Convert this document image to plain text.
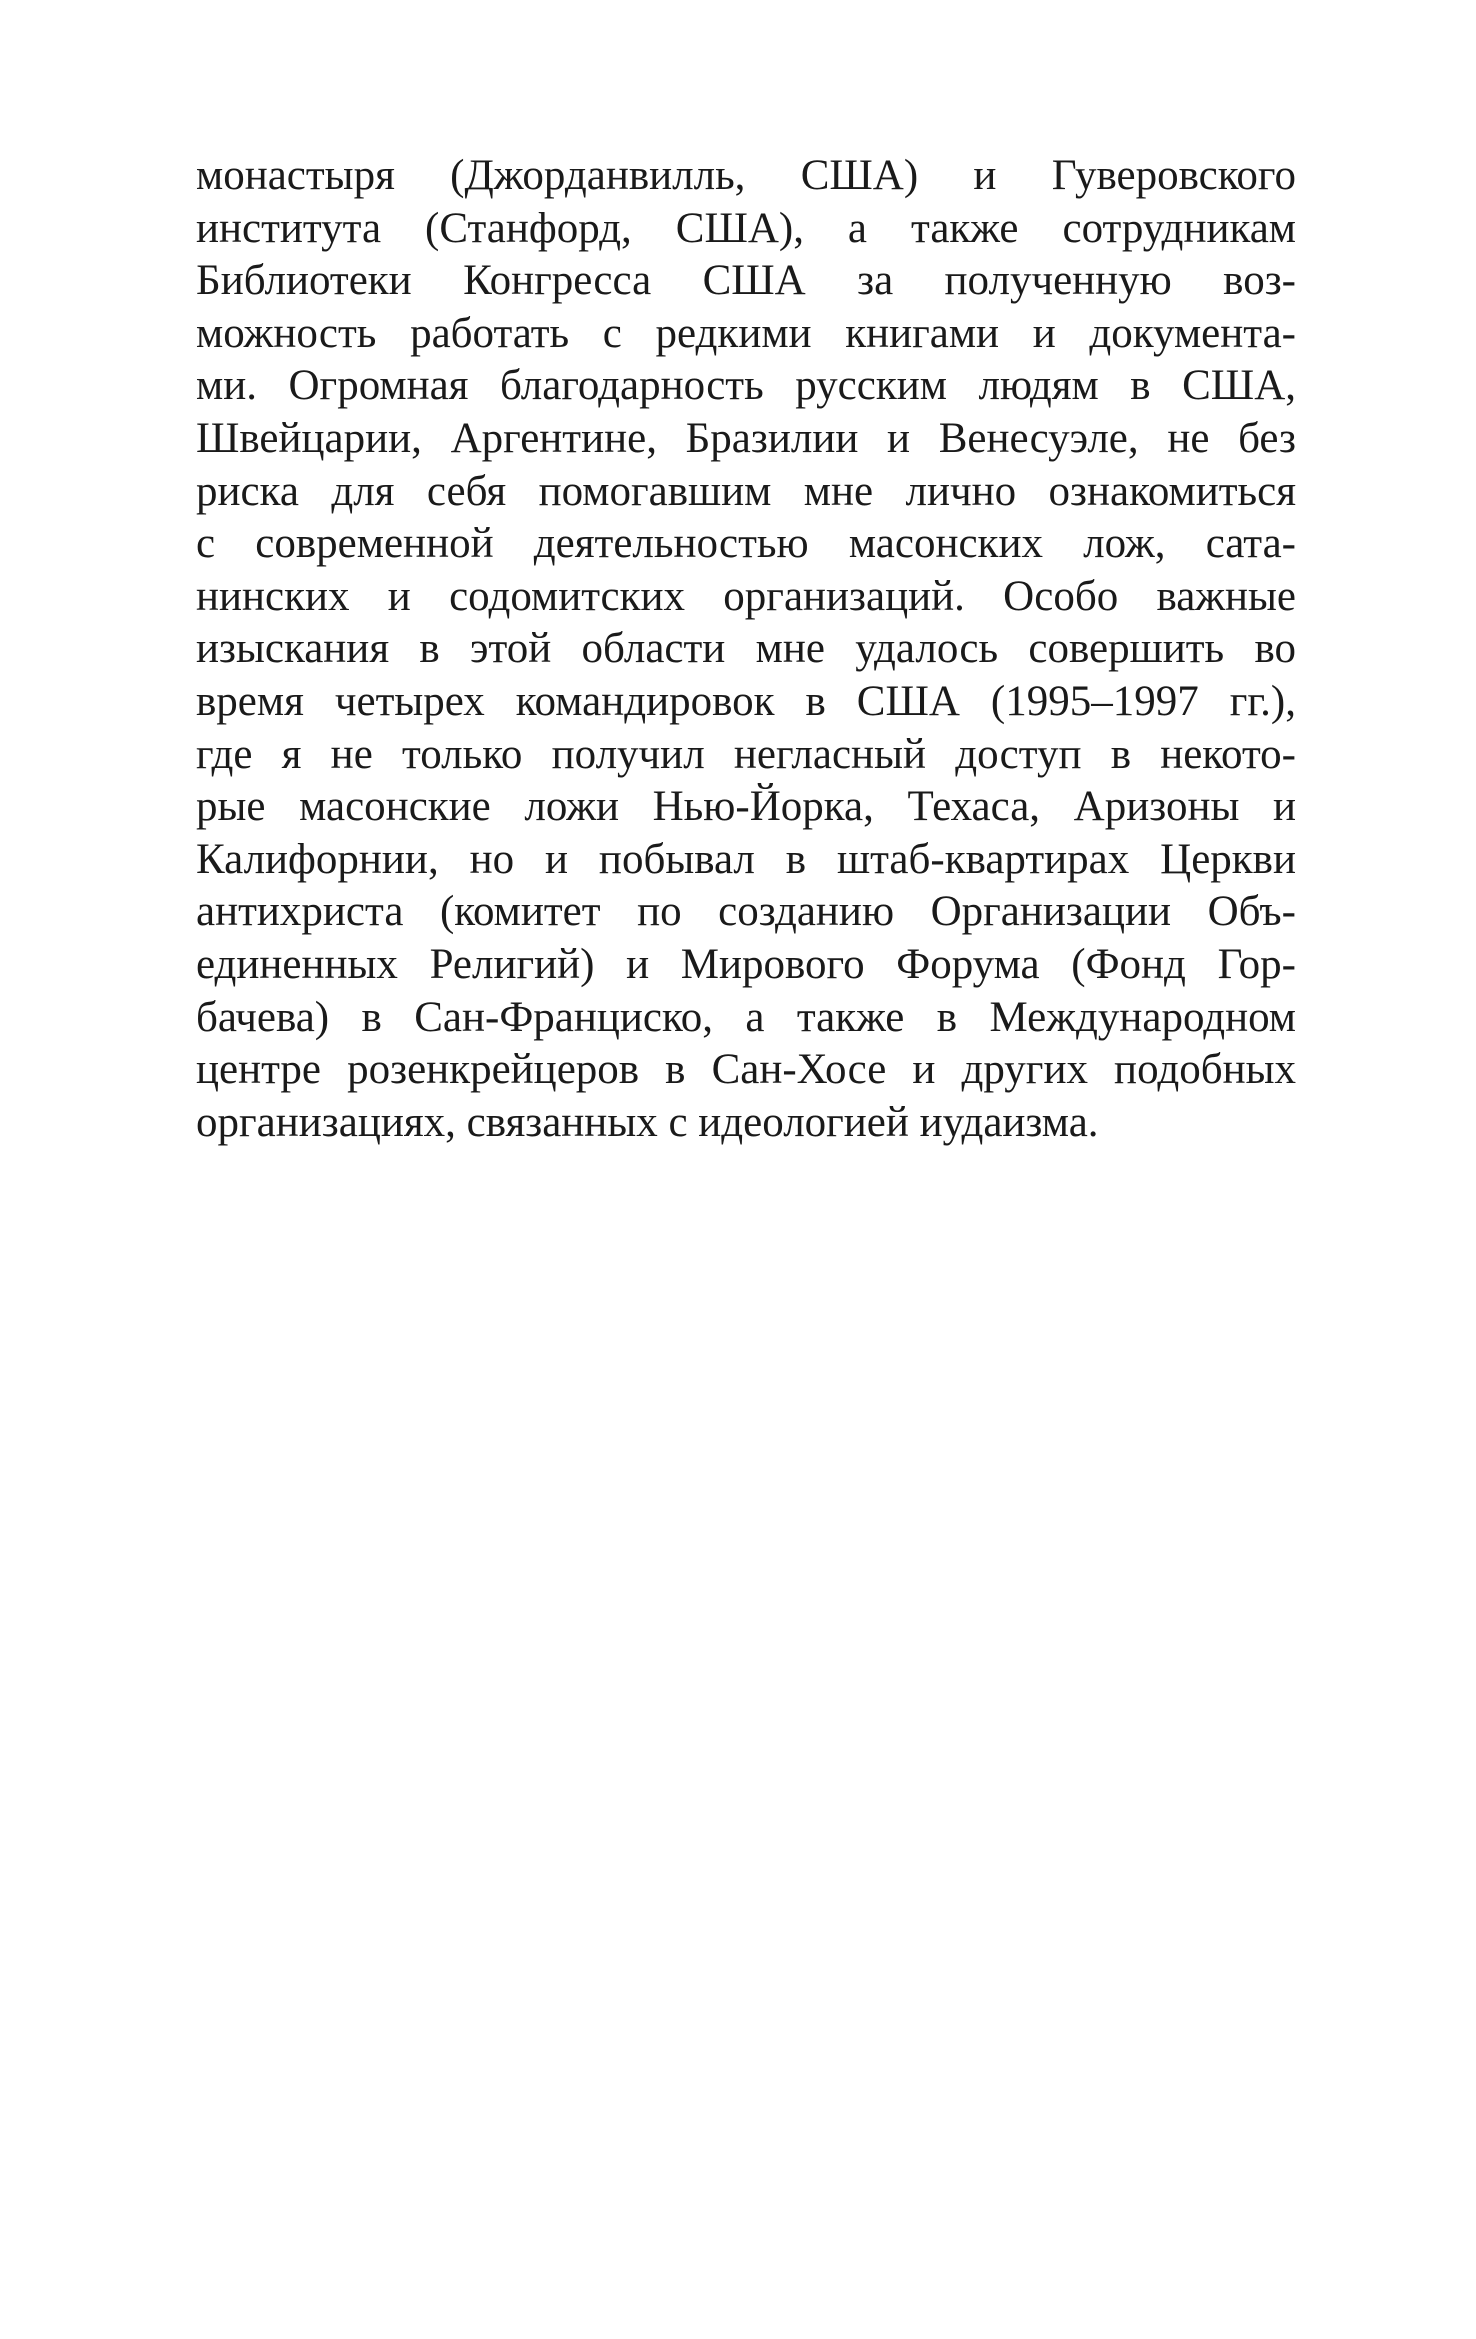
монастыря (Джорданвилль, США) и Гуверовского
института (Станфорд, США), а также сотрудникам
Библиотеки Конгресса США за полученную воз-
можность работать с редкими книгами и документа-
ми. Огромная благодарность русским людям в США,
Швейцарии, Аргентине, Бразилии и Венесуэле, не без
риска для себя помогавшим мне лично ознакомиться
с современной деятельностью масонских лож, сата-
нинских и содомитских организаций. Особо важные
изыскания в этой области мне удалось совершить во
время четырех командировок в США (1995–1997 гг.),
где я не только получил негласный доступ в некото-
рые масонские ложи Нью-Йорка, Техаса, Аризоны и
Калифорнии, но и побывал в штаб-квартирах Церкви
антихриста (комитет по созданию Организации Объ-
единенных Религий) и Мирового Форума (Фонд Гор-
бачева) в Сан-Франциско, а также в Международном
центре розенкрейцеров в Сан-Хосе и других подобных
организациях, связанных с идеологией иудаизма.
